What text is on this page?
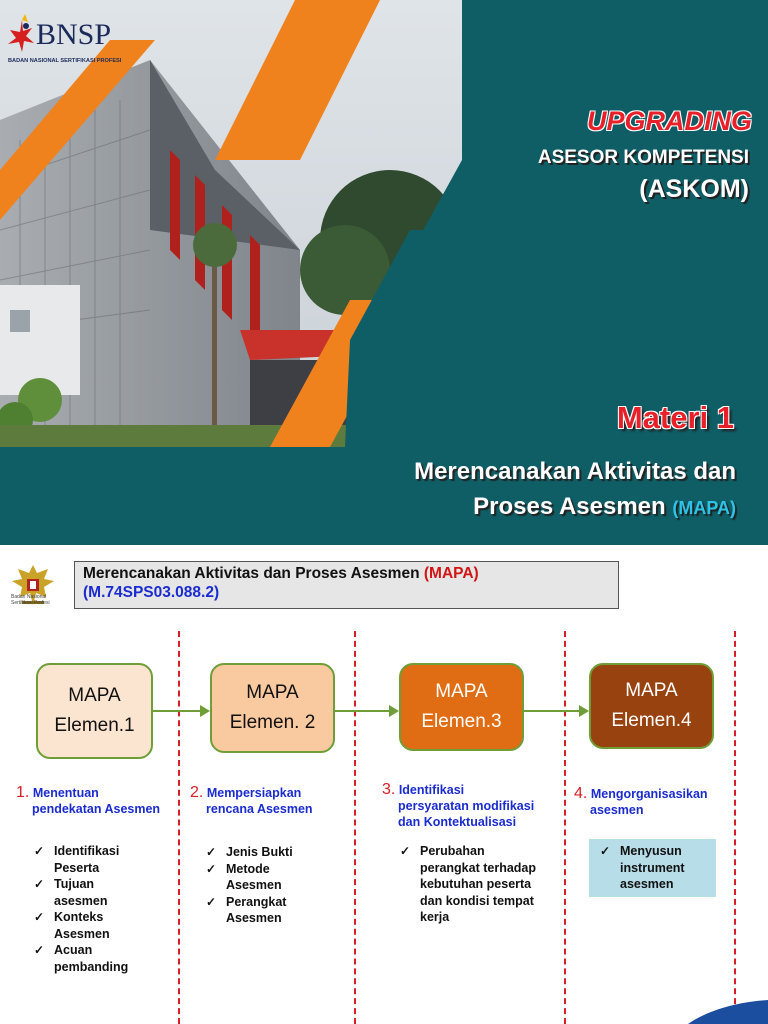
BNSP
BADAN NASIONAL SERTIFIKASI PROFESI
UPGRADING
ASESOR KOMPETENSI
(ASKOM)
Materi 1
Merencanakan Aktivitas dan
Proses Asesmen (MAPA)
Badan Nasional
Sertifikasi Profesi
Merencanakan Aktivitas dan Proses Asesmen (MAPA)
(M.74SPS03.088.2)
MAPA
Elemen.1
MAPA
Elemen. 2
MAPA
Elemen.3
MAPA
Elemen.4
1. Menentuan
pendekatan Asesmen
2. Mempersiapkan
rencana Asesmen
3. Identifikasi
persyaratan modifikasi
dan Kontektualisasi
4. Mengorganisasikan
asesmen
✓ Identifikasi Peserta
✓ Tujuan asesmen
✓ Konteks Asesmen
✓ Acuan pembanding
✓ Jenis Bukti
✓ Metode Asesmen
✓ Perangkat Asesmen
✓ Perubahan perangkat terhadap kebutuhan peserta dan kondisi tempat kerja
✓ Menyusun instrument asesmen
